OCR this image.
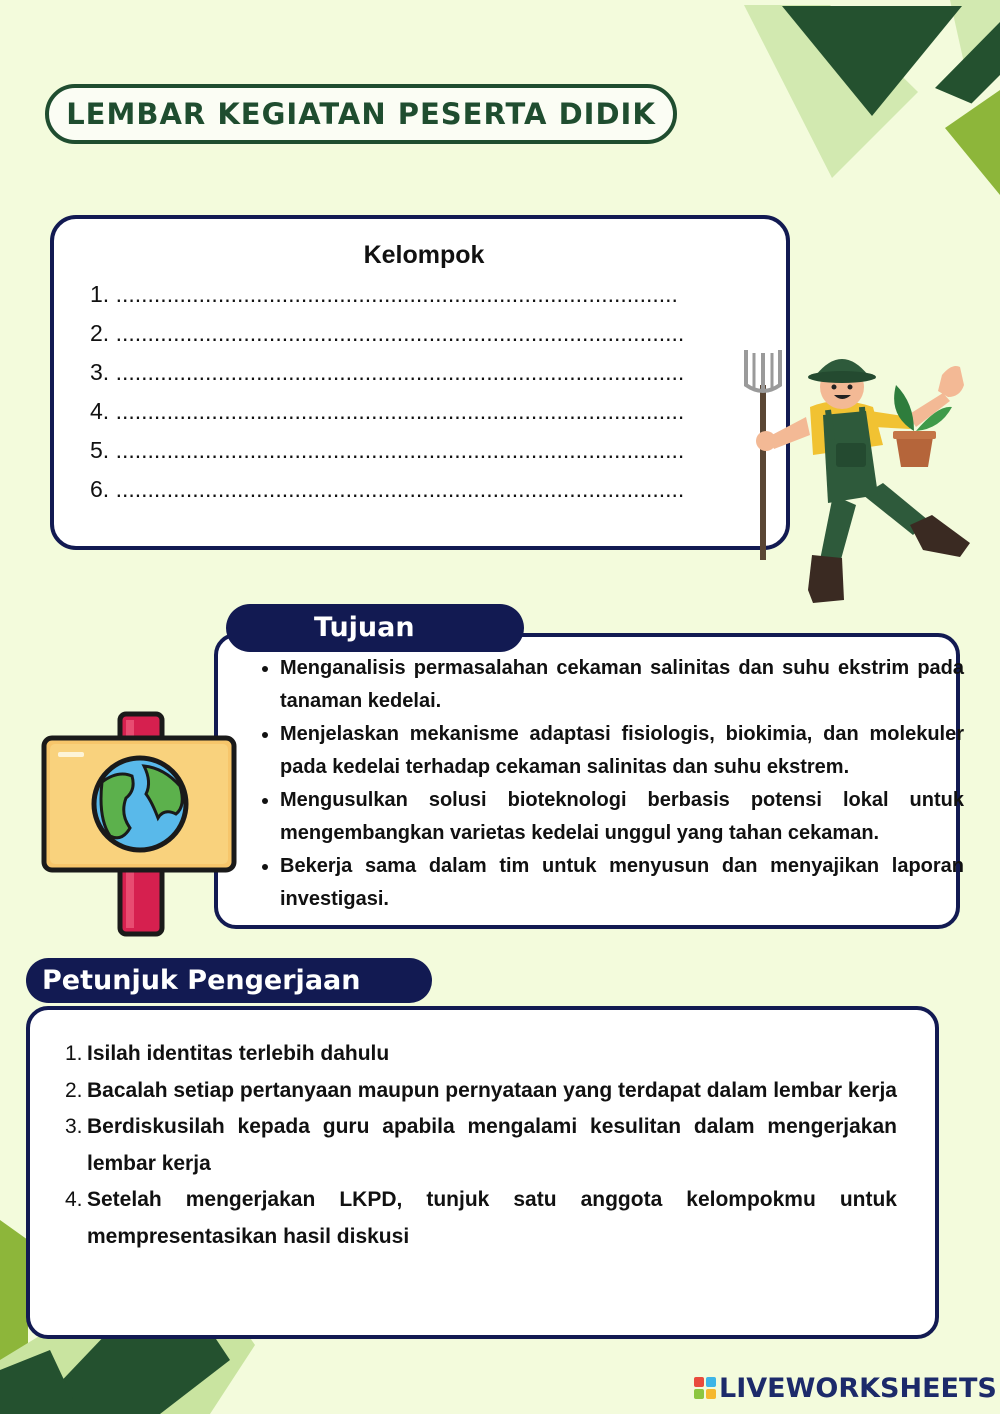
LEMBAR KEGIATAN PESERTA DIDIK
Kelompok
1. ........................................................................................
2. .........................................................................................
3. .........................................................................................
4. .........................................................................................
5. .........................................................................................
6. .........................................................................................
Tujuan
• Menganalisis permasalahan cekaman salinitas dan suhu ekstrim pada tanaman kedelai.
• Menjelaskan mekanisme adaptasi fisiologis, biokimia, dan molekuler pada kedelai terhadap cekaman salinitas dan suhu ekstrem.
• Mengusulkan solusi bioteknologi berbasis potensi lokal untuk mengembangkan varietas kedelai unggul yang tahan cekaman.
• Bekerja sama dalam tim untuk menyusun dan menyajikan laporan investigasi.
Petunjuk Pengerjaan
1. Isilah identitas terlebih dahulu
2. Bacalah setiap pertanyaan maupun pernyataan yang terdapat dalam lembar kerja
3. Berdiskusilah kepada guru apabila mengalami kesulitan dalam mengerjakan lembar kerja
4. Setelah mengerjakan LKPD, tunjuk satu anggota kelompokmu untuk mempresentasikan hasil diskusi
LIVEWORKSHEETS
